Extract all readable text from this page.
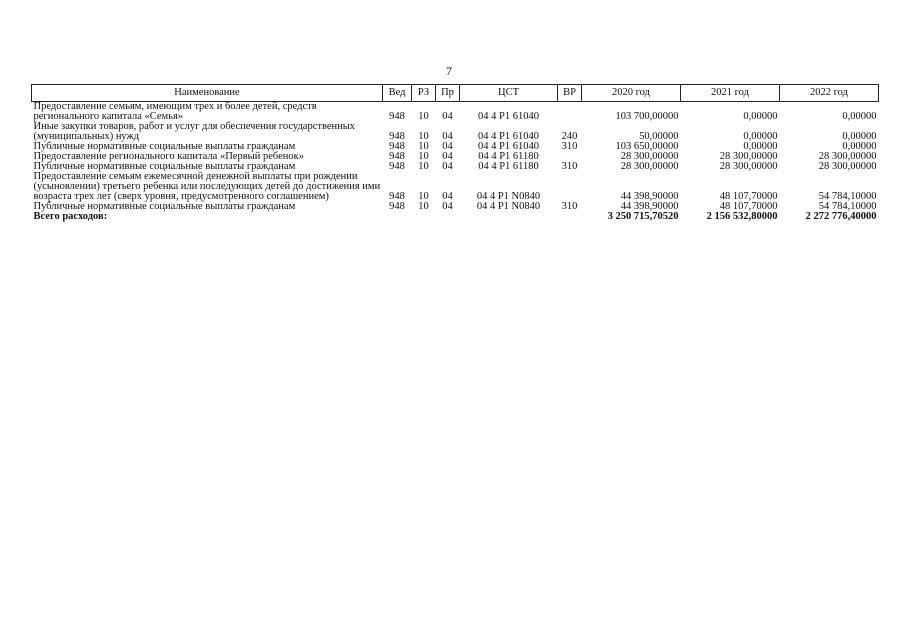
7
Наименование	Вед	РЗ	Пр	ЦСТ	ВР	2020 год	2021 год	2022 год
Предоставление семьям, имеющим трех и более детей, средств регионального капитала «Семья»	948	10	04	04 4 P1 61040		103 700,00000	0,00000	0,00000
Иные закупки товаров, работ и услуг для обеспечения государственных (муниципальных) нужд	948	10	04	04 4 P1 61040	240	50,00000	0,00000	0,00000
Публичные нормативные социальные выплаты гражданам	948	10	04	04 4 P1 61040	310	103 650,00000	0,00000	0,00000
Предоставление регионального капитала «Первый ребенок»	948	10	04	04 4 P1 61180		28 300,00000	28 300,00000	28 300,00000
Публичные нормативные социальные выплаты гражданам	948	10	04	04 4 P1 61180	310	28 300,00000	28 300,00000	28 300,00000
Предоставление семьям ежемесячной денежной выплаты при рождении (усыновлении) третьего ребенка или последующих детей до достижения ими возраста трех лет (сверх уровня, предусмотренного соглашением)	948	10	04	04 4 P1 N0840		44 398,90000	48 107,70000	54 784,10000
Публичные нормативные социальные выплаты гражданам	948	10	04	04 4 P1 N0840	310	44 398,90000	48 107,70000	54 784,10000
Всего расходов:						3 250 715,70520	2 156 532,80000	2 272 776,40000
